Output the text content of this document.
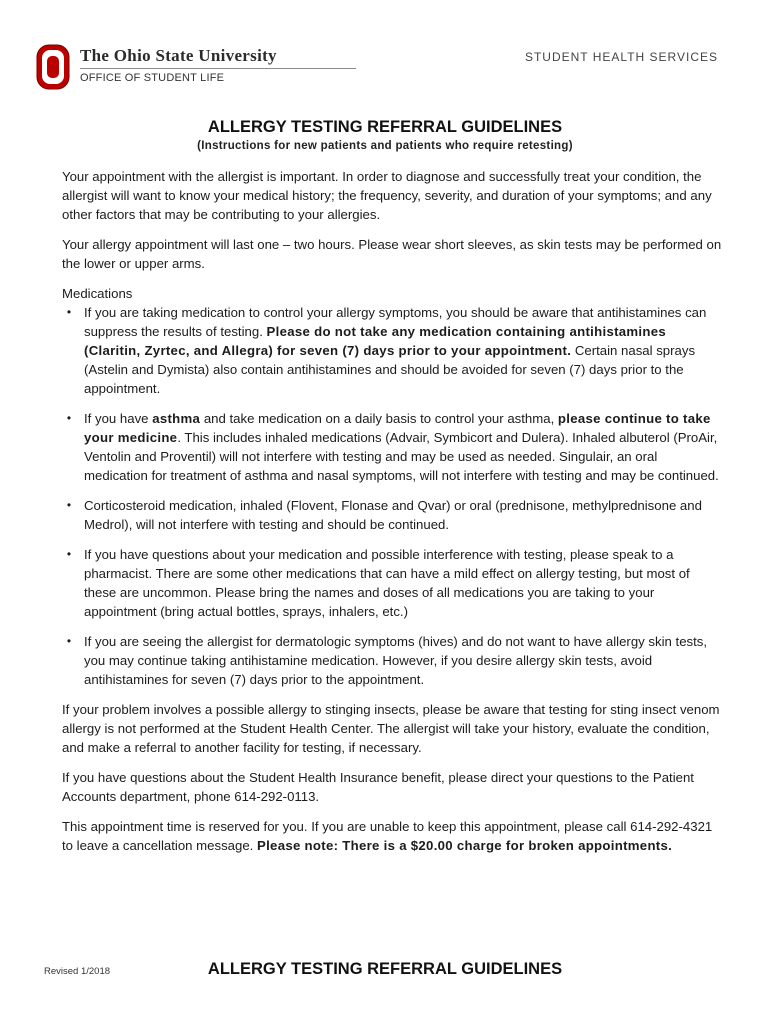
The Ohio State University
OFFICE OF STUDENT LIFE
STUDENT HEALTH SERVICES
ALLERGY TESTING REFERRAL GUIDELINES
(Instructions for new patients and patients who require retesting)

Your appointment with the allergist is important. In order to diagnose and successfully treat your condition, the allergist will want to know your medical history; the frequency, severity, and duration of your symptoms; and any other factors that may be contributing to your allergies.

Your allergy appointment will last one – two hours. Please wear short sleeves, as skin tests may be performed on the lower or upper arms.

Medications

• If you are taking medication to control your allergy symptoms, you should be aware that antihistamines can suppress the results of testing. Please do not take any medication containing antihistamines (Claritin, Zyrtec, and Allegra) for seven (7) days prior to your appointment. Certain nasal sprays (Astelin and Dymista) also contain antihistamines and should be avoided for seven (7) days prior to the appointment.
• If you have asthma and take medication on a daily basis to control your asthma, please continue to take your medicine. This includes inhaled medications (Advair, Symbicort and Dulera). Inhaled albuterol (ProAir, Ventolin and Proventil) will not interfere with testing and may be used as needed. Singulair, an oral medication for treatment of asthma and nasal symptoms, will not interfere with testing and may be continued.
• Corticosteroid medication, inhaled (Flovent, Flonase and Qvar) or oral (prednisone, methylprednisone and Medrol), will not interfere with testing and should be continued.
• If you have questions about your medication and possible interference with testing, please speak to a pharmacist. There are some other medications that can have a mild effect on allergy testing, but most of these are uncommon. Please bring the names and doses of all medications you are taking to your appointment (bring actual bottles, sprays, inhalers, etc.)
• If you are seeing the allergist for dermatologic symptoms (hives) and do not want to have allergy skin tests, you may continue taking antihistamine medication. However, if you desire allergy skin tests, avoid antihistamines for seven (7) days prior to the appointment.

If your problem involves a possible allergy to stinging insects, please be aware that testing for sting insect venom allergy is not performed at the Student Health Center. The allergist will take your history, evaluate the condition, and make a referral to another facility for testing, if necessary.

If you have questions about the Student Health Insurance benefit, please direct your questions to the Patient Accounts department, phone 614-292-0113.

This appointment time is reserved for you. If you are unable to keep this appointment, please call 614-292-4321 to leave a cancellation message. Please note: There is a $20.00 charge for broken appointments.

Revised 1/2018	ALLERGY TESTING REFERRAL GUIDELINES
